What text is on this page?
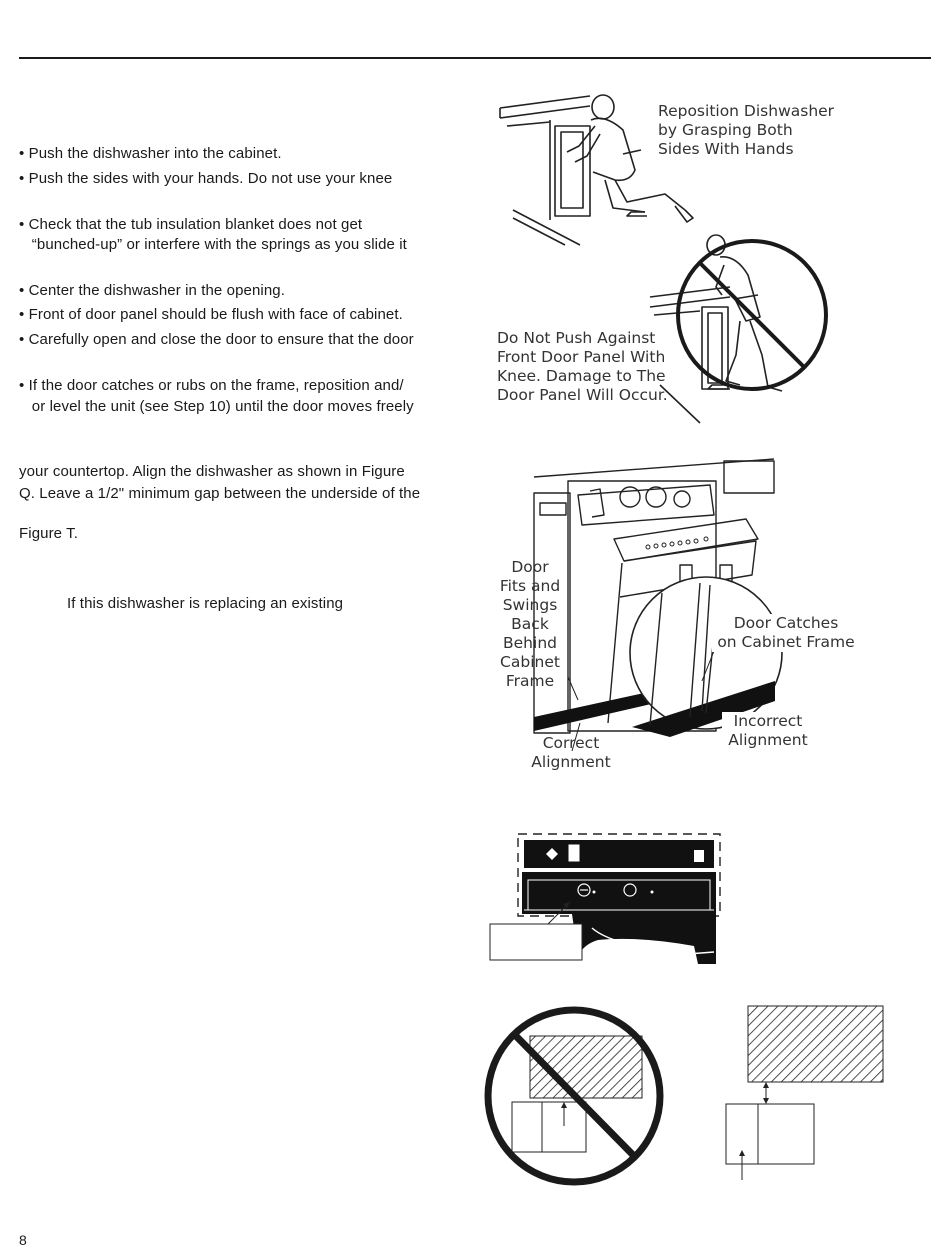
• Push the dishwasher into the cabinet.
• Push the sides with your hands. Do not use your knee
• Check that the tub insulation blanket does not get
“bunched-up” or interfere with the springs as you slide it
• Center the dishwasher in the opening.
• Front of door panel should be flush with face of cabinet.
• Carefully open and close the door to ensure that the door
• If the door catches or rubs on the frame, reposition and/
or level the unit (see Step 10) until the door moves freely
your countertop. Align the dishwasher as shown in Figure
Q. Leave a 1/2" minimum gap between the underside of the
Figure T.
If this dishwasher is replacing an existing
Reposition Dishwasher
by Grasping Both
Sides With Hands
Do Not Push Against
Front Door Panel With
Knee. Damage to The
Door Panel Will Occur.
Door
Fits and
Swings
Back
Behind
Cabinet
Frame
Door Catches
on Cabinet Frame
Incorrect
Alignment
Correct
Alignment
8
